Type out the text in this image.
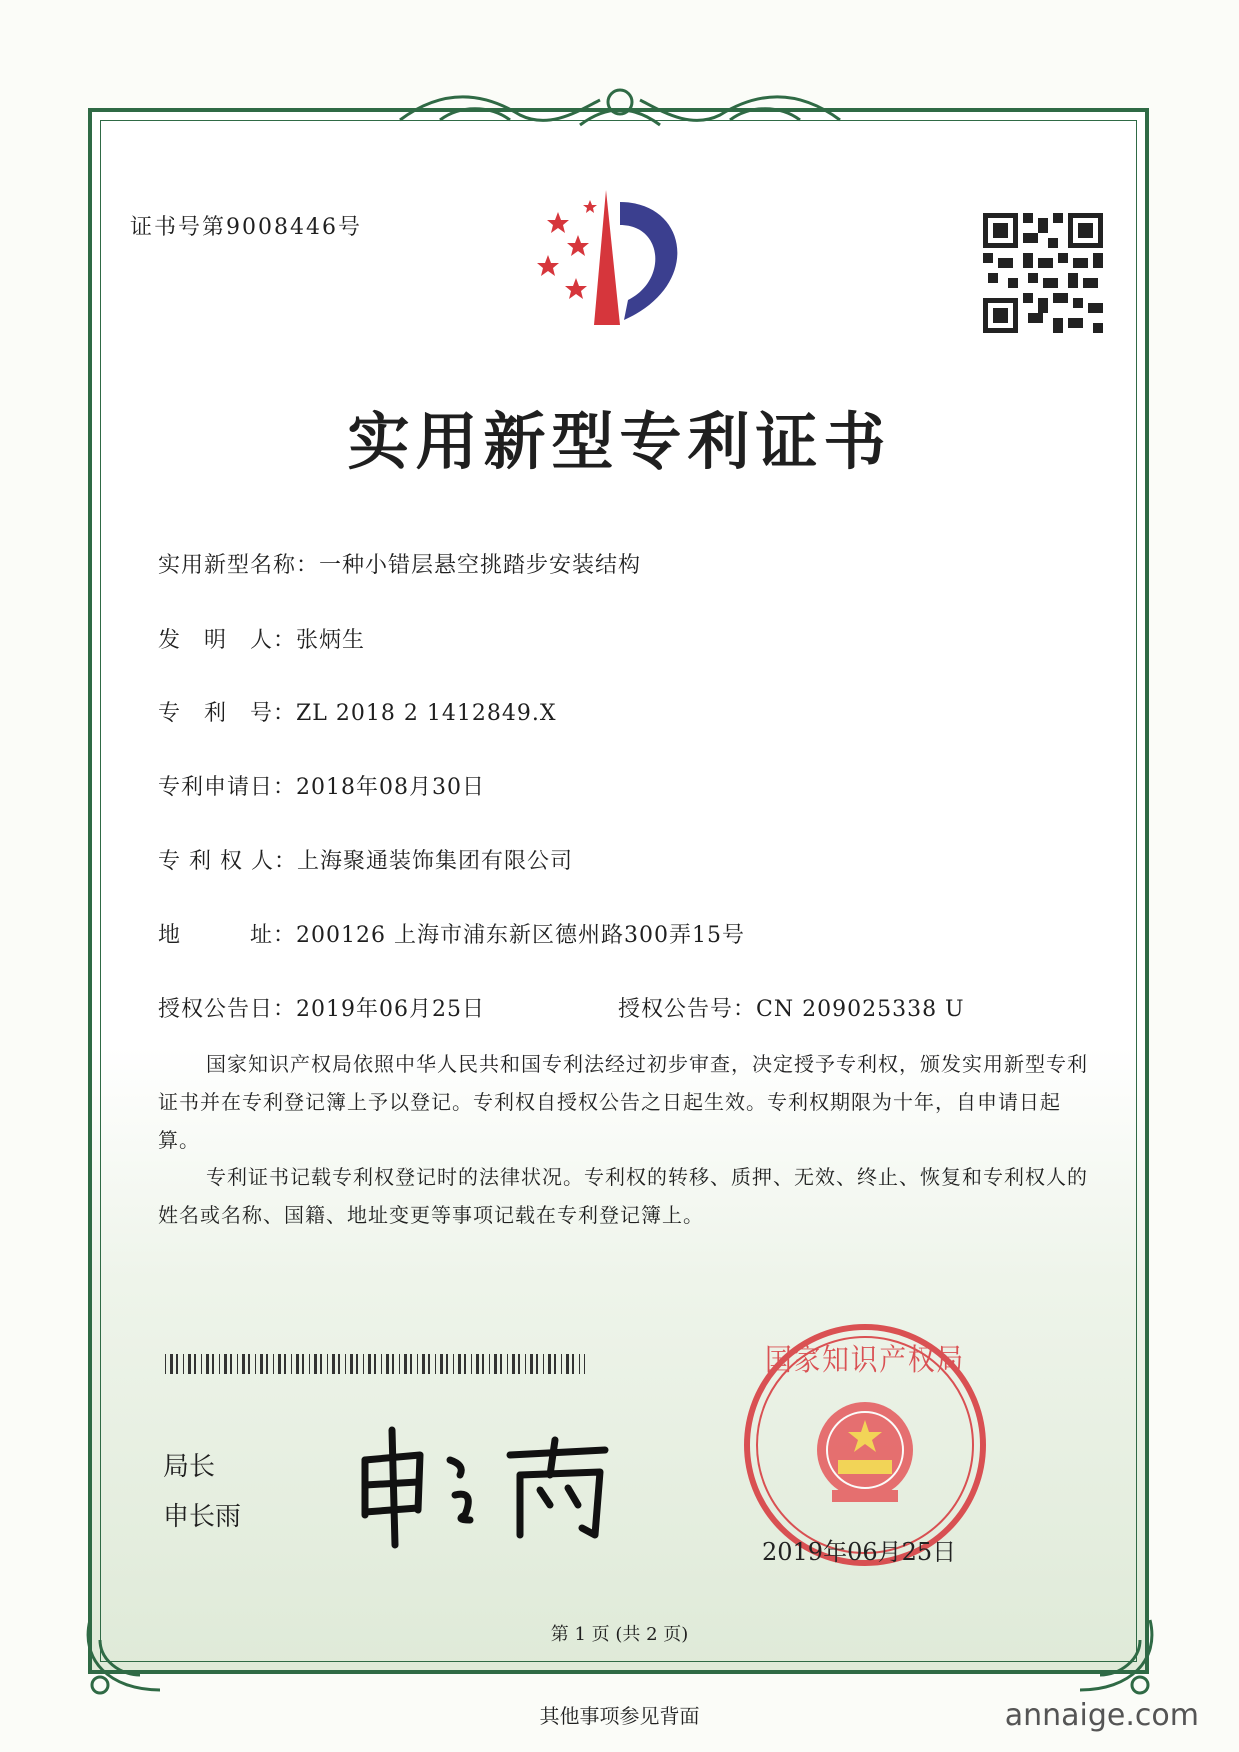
证书号第9008446号
实用新型专利证书
实用新型名称：一种小错层悬空挑踏步安装结构
发　明　人：张炳生
专　利　号：ZL 2018 2 1412849.X
专利申请日：2018年08月30日
专 利 权 人：上海聚通装饰集团有限公司
地　　　址：200126 上海市浦东新区德州路300弄15号
授权公告日：2019年06月25日	授权公告号：CN 209025338 U
国家知识产权局依照中华人民共和国专利法经过初步审查，决定授予专利权，颁发实用新型专利证书并在专利登记簿上予以登记。专利权自授权公告之日起生效。专利权期限为十年，自申请日起算。
专利证书记载专利权登记时的法律状况。专利权的转移、质押、无效、终止、恢复和专利权人的姓名或名称、国籍、地址变更等事项记载在专利登记簿上。
局长
申长雨
国家知识产权局
2019年06月25日
第 1 页 (共 2 页)
其他事项参见背面	annaige.com
